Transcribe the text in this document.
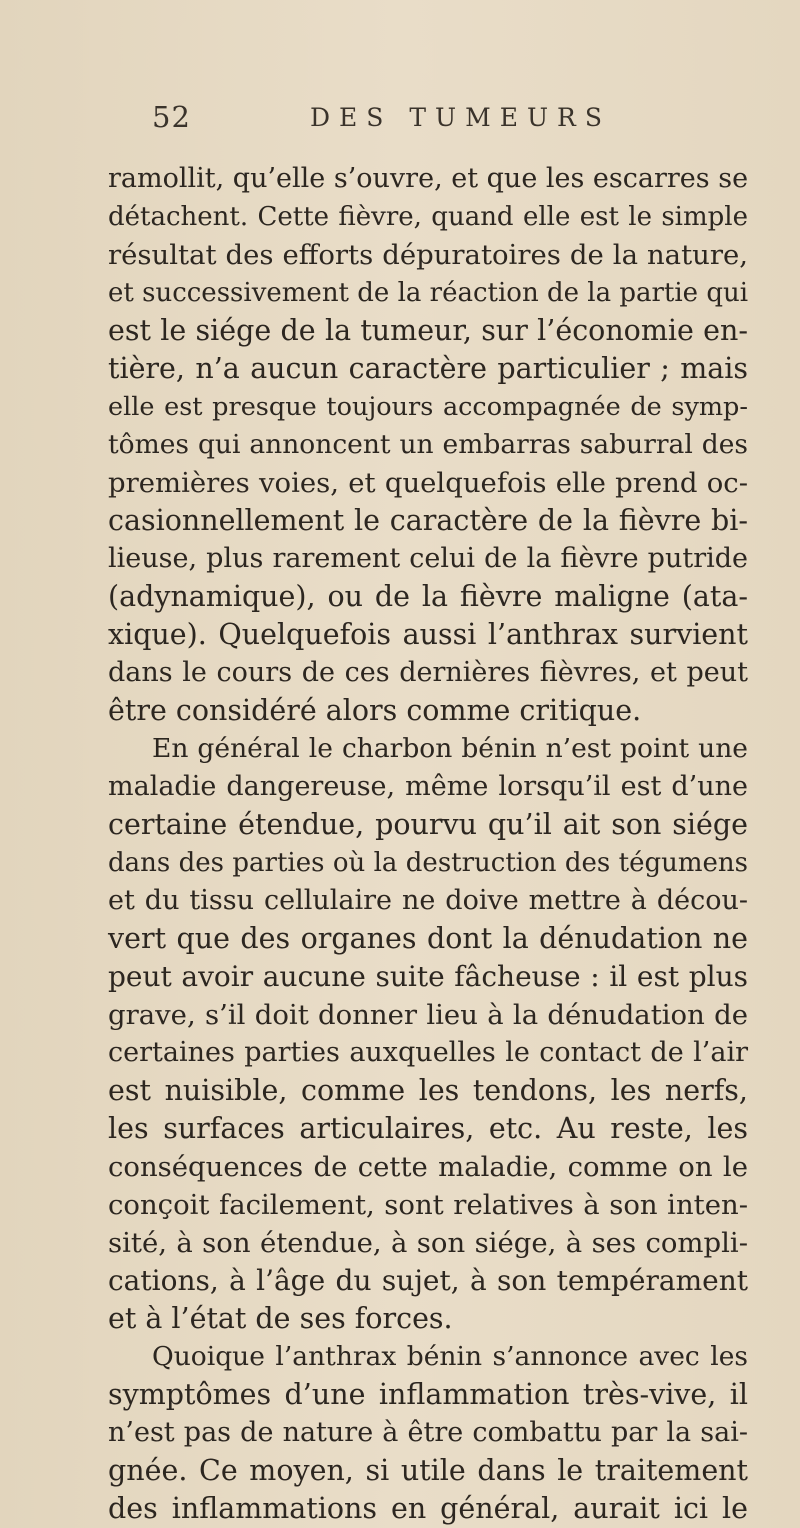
52	DES TUMEURS
ramollit, qu’elle s’ouvre, et que les escarres se
détachent. Cette fièvre, quand elle est le simple
résultat des efforts dépuratoires de la nature,
et successivement de la réaction de la partie qui
est le siége de la tumeur, sur l’économie en-
tière, n’a aucun caractère particulier ; mais
elle est presque toujours accompagnée de symp-
tômes qui annoncent un embarras saburral des
premières voies, et quelquefois elle prend oc-
casionnellement le caractère de la fièvre bi-
lieuse, plus rarement celui de la fièvre putride
(adynamique), ou de la fièvre maligne (ata-
xique). Quelquefois aussi l’anthrax survient
dans le cours de ces dernières fièvres, et peut
être considéré alors comme critique.
En général le charbon bénin n’est point une
maladie dangereuse, même lorsqu’il est d’une
certaine étendue, pourvu qu’il ait son siége
dans des parties où la destruction des tégumens
et du tissu cellulaire ne doive mettre à décou-
vert que des organes dont la dénudation ne
peut avoir aucune suite fâcheuse : il est plus
grave, s’il doit donner lieu à la dénudation de
certaines parties auxquelles le contact de l’air
est nuisible, comme les tendons, les nerfs,
les surfaces articulaires, etc. Au reste, les
conséquences de cette maladie, comme on le
conçoit facilement, sont relatives à son inten-
sité, à son étendue, à son siége, à ses compli-
cations, à l’âge du sujet, à son tempérament
et à l’état de ses forces.
Quoique l’anthrax bénin s’annonce avec les
symptômes d’une inflammation très-vive, il
n’est pas de nature à être combattu par la sai-
gnée. Ce moyen, si utile dans le traitement
des inflammations en général, aurait ici le
